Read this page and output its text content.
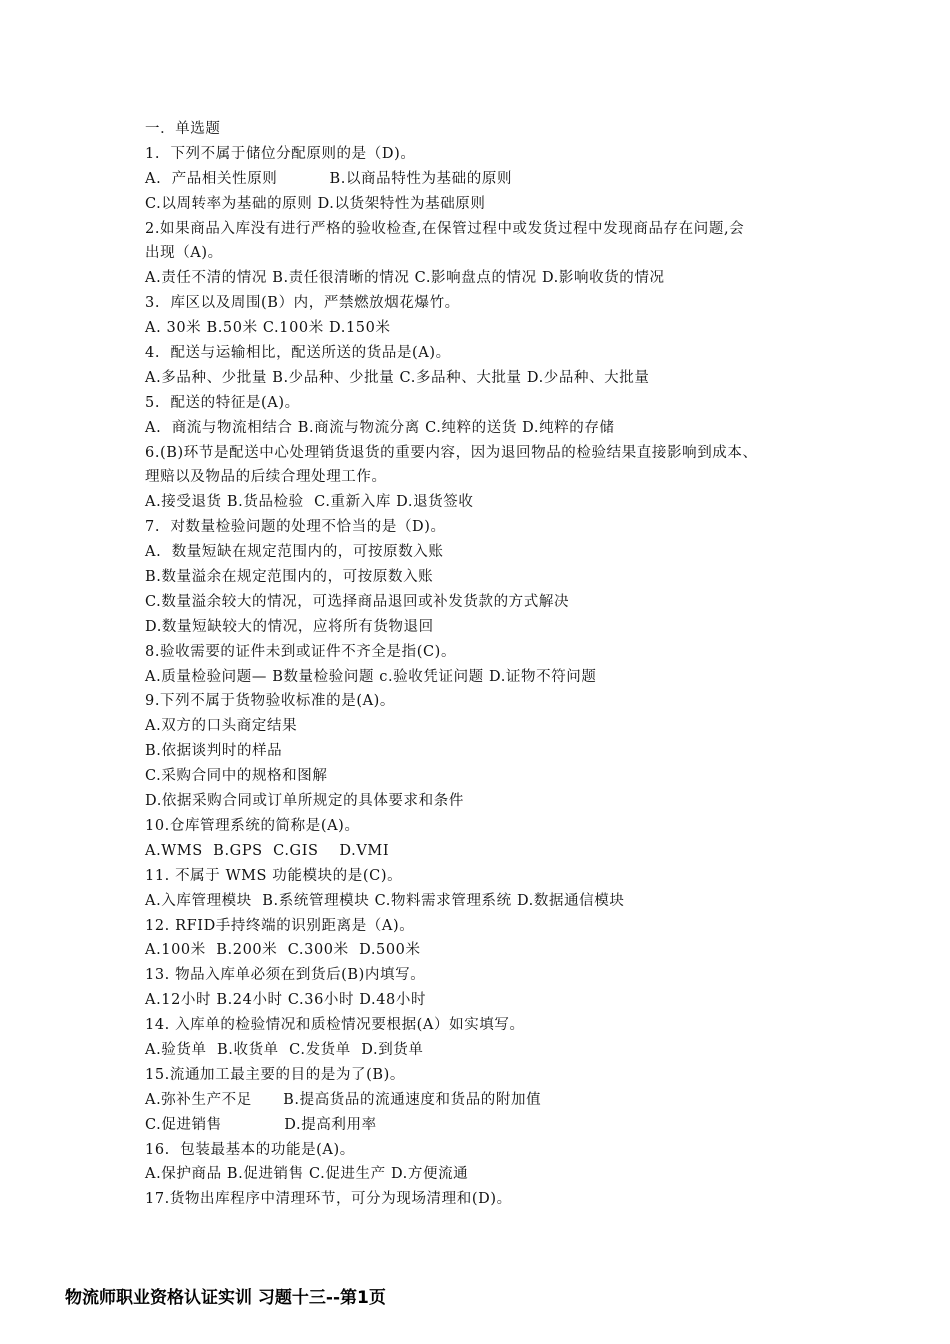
一．单选题
1.  下列不属于储位分配原则的是（D)。
A.  产品相关性原则          B.以商品特性为基础的原则
C.以周转率为基础的原则 D.以货架特性为基础原则
2.如果商品入库没有进行严格的验收检查,在保管过程中或发货过程中发现商品存在问题,会
出现（A)。
A.责任不清的情况 B.责任很清晰的情况 C.影响盘点的情况 D.影响收货的情况
3.  库区以及周围(B）内，严禁燃放烟花爆竹。
A. 30米 B.50米 C.100米 D.150米
4.  配送与运输相比，配送所送的货品是(A)。
A.多品种、少批量 B.少品种、少批量 C.多品种、大批量 D.少品种、大批量
5.  配送的特征是(A)。
A.  商流与物流相结合 B.商流与物流分离 C.纯粹的送货 D.纯粹的存储
6.(B)环节是配送中心处理销货退货的重要内容，因为退回物品的检验结果直接影响到成本、
理赔以及物品的后续合理处理工作。
A.接受退货 B.货品检验  C.重新入库 D.退货签收
7.  对数量检验问题的处理不恰当的是（D)。
A.  数量短缺在规定范围内的，可按原数入账
B.数量溢余在规定范围内的，可按原数入账
C.数量溢余较大的情况，可选择商品退回或补发货款的方式解决
D.数量短缺较大的情况，应将所有货物退回
8.验收需要的证件未到或证件不齐全是指(C)。
A.质量检验问题— B数量检验问题 c.验收凭证问题 D.证物不符问题
9.下列不属于货物验收标准的是(A)。
A.双方的口头商定结果
B.依据谈判时的样品
C.采购合同中的规格和图解
D.依据采购合同或订单所规定的具体要求和条件
10.仓库管理系统的简称是(A)。
A.WMS  B.GPS  C.GIS    D.VMI
11. 不属于 WMS 功能模块的是(C)。
A.入库管理模块  B.系统管理模块 C.物料需求管理系统 D.数据通信模块
12. RFID手持终端的识别距离是（A)。
A.100米  B.200米  C.300米  D.500米
13. 物品入库单必须在到货后(B)内填写。
A.12小时 B.24小时 C.36小时 D.48小时
14. 入库单的检验情况和质检情况要根据(A）如实填写。
A.验货单  B.收货单  C.发货单  D.到货单
15.流通加工最主要的目的是为了(B)。
A.弥补生产不足      B.提高货品的流通速度和货品的附加值
C.促进销售            D.提高利用率
16.  包装最基本的功能是(A)。
A.保护商品 B.促进销售 C.促进生产 D.方便流通
17.货物出库程序中清理环节，可分为现场清理和(D)。
物流师职业资格认证实训 习题十三--第1页
